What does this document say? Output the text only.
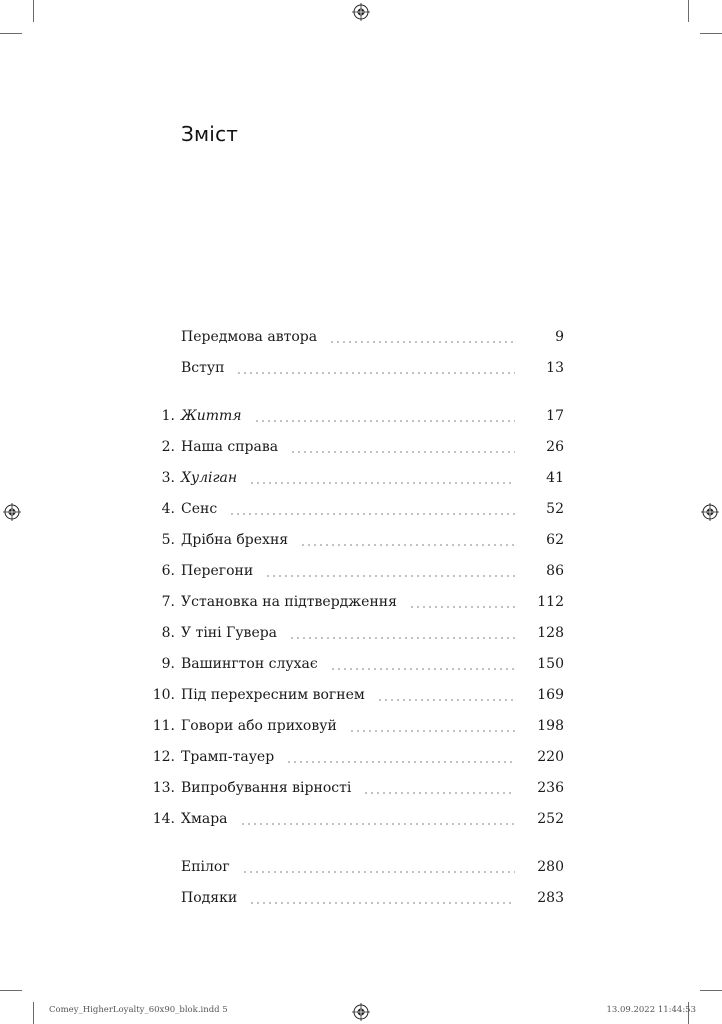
Зміст
Передмова автора	9
Вступ	13
1. Життя	17
2. Наша справа	26
3. Хуліган	41
4. Сенс	52
5. Дрібна брехня	62
6. Перегони	86
7. Установка на підтвердження	112
8. У тіні Гувера	128
9. Вашингтон слухає	150
10. Під перехресним вогнем	169
11. Говори або приховуй	198
12. Трамп-тауер	220
13. Випробування вірності	236
14. Хмара	252
Епілог	280
Подяки	283
Comey_HigherLoyalty_60x90_blok.indd 5	13.09.2022 11:44:53
